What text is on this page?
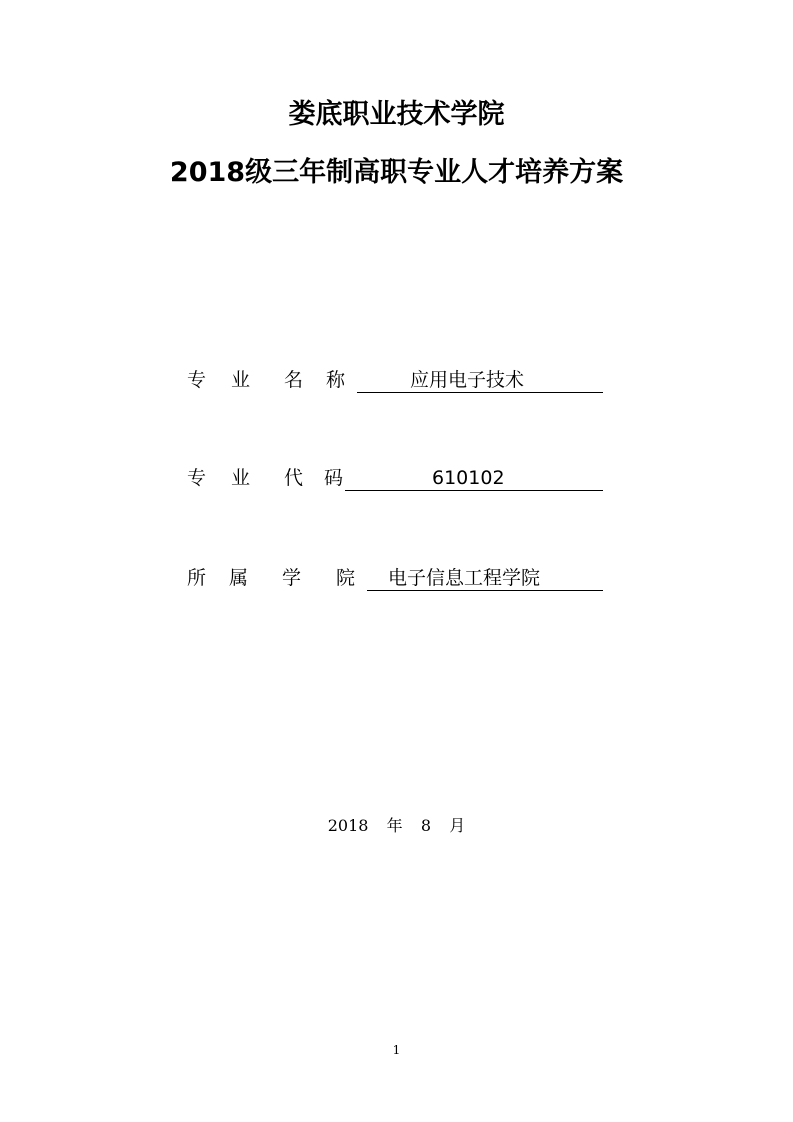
娄底职业技术学院
2018级三年制高职专业人才培养方案
专 业 名 称	应用电子技术
专 业 代 码	610102
所 属 学 院 电子信息工程学院
2018 年 8 月
1
